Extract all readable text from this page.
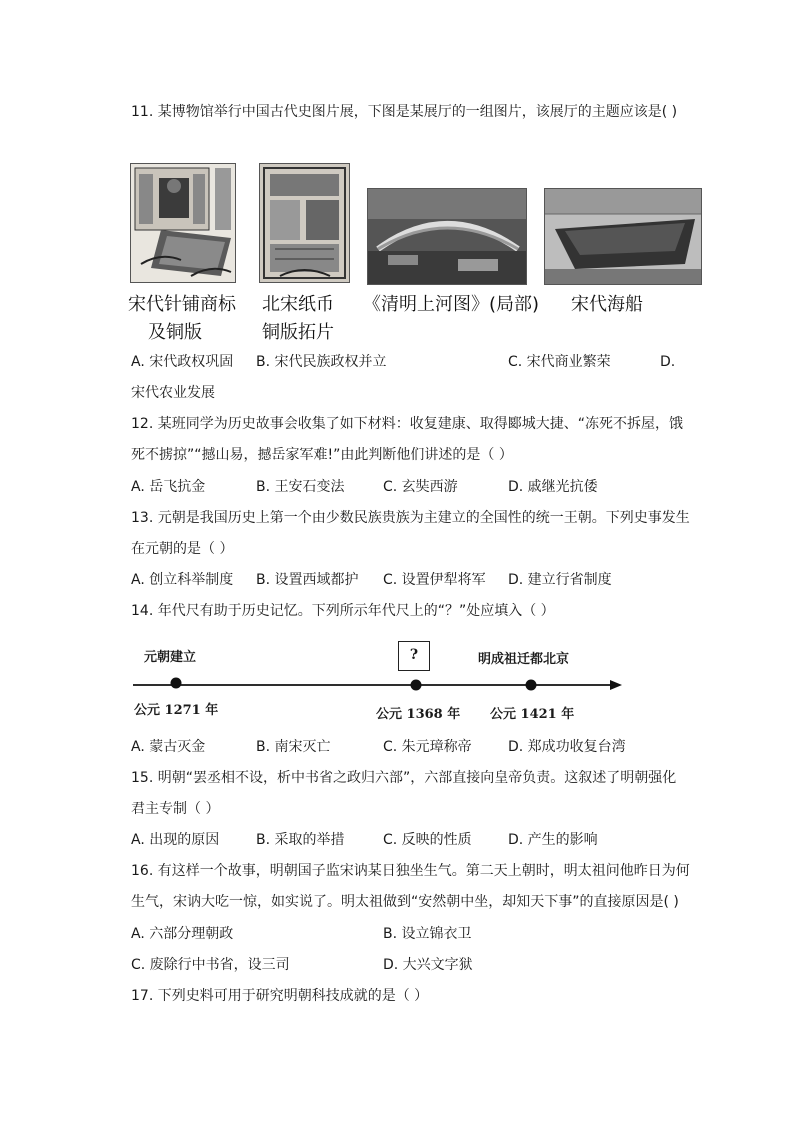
11. 某博物馆举行中国古代史图片展，下图是某展厅的一组图片，该展厅的主题应该是( )
宋代针铺商标
及铜版
北宋纸币
铜版拓片
《清明上河图》(局部) 宋代海船
A. 宋代政权巩固 B. 宋代民族政权并立	C. 宋代商业繁荣	D.
宋代农业发展
12. 某班同学为历史故事会收集了如下材料：收复建康、取得郾城大捷、“冻死不拆屋，饿
死不掳掠”“撼山易，撼岳家军难!”由此判断他们讲述的是（ ）
A. 岳飞抗金	B. 王安石变法	C. 玄奘西游	D. 戚继光抗倭
13. 元朝是我国历史上第一个由少数民族贵族为主建立的全国性的统一王朝。下列史事发生
在元朝的是（ ）
A. 创立科举制度 B. 设置西域都护 C. 设置伊犁将军 D. 建立行省制度
14. 年代尺有助于历史记忆。下列所示年代尺上的“？”处应填入（ ）
元朝建立	?	明成祖迁都北京
公元 1271 年	公元 1368 年 公元 1421 年
A. 蒙古灭金	B. 南宋灭亡	C. 朱元璋称帝	D. 郑成功收复台湾
15. 明朝“罢丞相不设，析中书省之政归六部”，六部直接向皇帝负责。这叙述了明朝强化
君主专制（ ）
A. 出现的原因	B. 采取的举措	C. 反映的性质	D. 产生的影响
16. 有这样一个故事，明朝国子监宋讷某日独坐生气。第二天上朝时，明太祖问他昨日为何
生气，宋讷大吃一惊，如实说了。明太祖做到“安然朝中坐，却知天下事”的直接原因是( )
A. 六部分理朝政	B. 设立锦衣卫
C. 废除行中书省，设三司	D. 大兴文字狱
17. 下列史料可用于研究明朝科技成就的是（ ）
